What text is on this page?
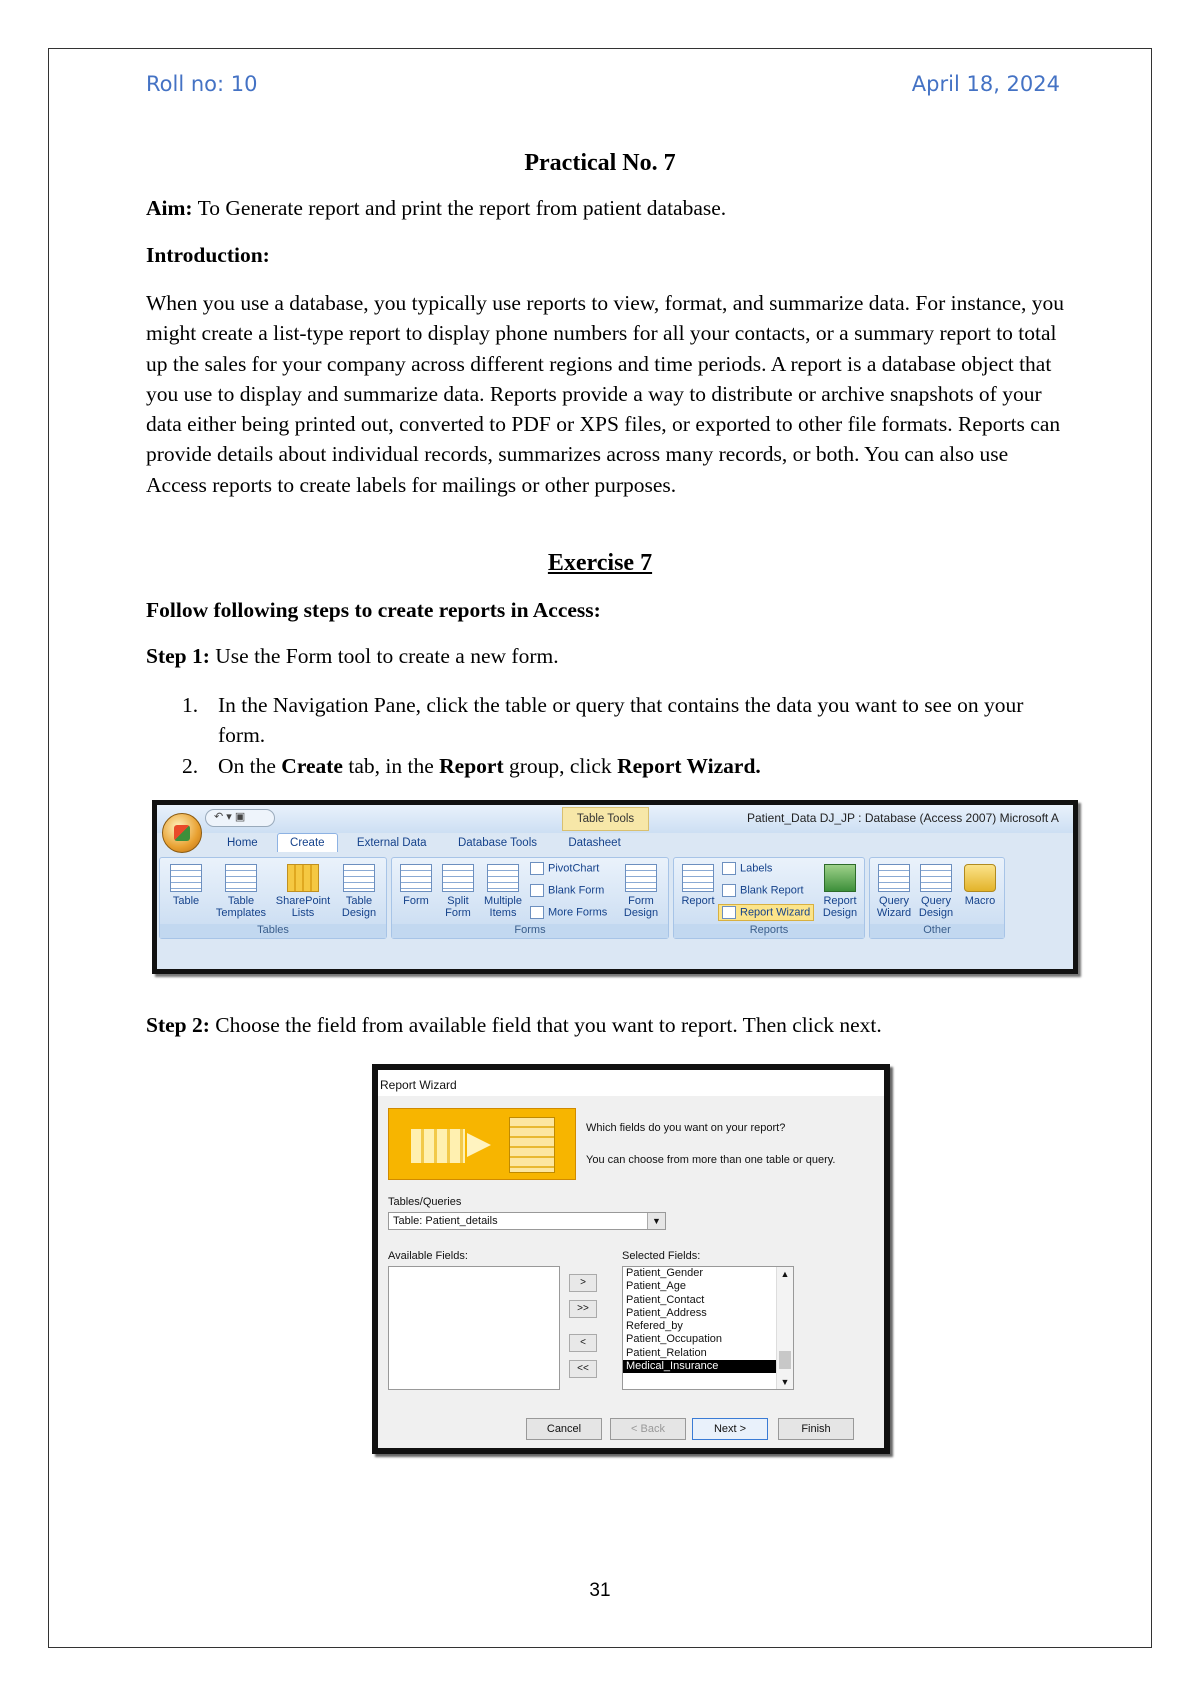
Roll no: 10	April 18, 2024
Practical No. 7
Aim: To Generate report and print the report from patient database.
Introduction:
When you use a database, you typically use reports to view, format, and summarize data. For instance, you might create a list-type report to display phone numbers for all your contacts, or a summary report to total up the sales for your company across different regions and time periods. A report is a database object that you use to display and summarize data. Reports provide a way to distribute or archive snapshots of your data either being printed out, converted to PDF or XPS files, or exported to other file formats. Reports can provide details about individual records, summarizes across many records, or both. You can also use Access reports to create labels for mailings or other purposes.
Exercise 7
Follow following steps to create reports in Access:
Step 1: Use the Form tool to create a new form.
1. In the Navigation Pane, click the table or query that contains the data you want to see on your form.
2. On the Create tab, in the Report group, click Report Wizard.
↶ ▾ ▣	Table Tools	Patient_Data DJ_JP : Database (Access 2007) Microsoft A
Home	Create	External Data	Database Tools	Datasheet
Table	Table Templates
SharePoint Lists
Table Design
Tables
Form	Split Form
Multiple Items
PivotChart
Blank Form
More Forms
Form Design
Forms
Report
Labels
Blank Report
Report Wizard
Report Design
Reports
Query Wizard
Query Design
Macro
Other
Step 2: Choose the field from available field that you want to report. Then click next.
Report Wizard
Which fields do you want on your report?
You can choose from more than one table or query.
Tables/Queries
Table: Patient_details	▼
Available Fields:	Selected Fields:
>
>>
<
<<
Patient_Gender
Patient_Age
Patient_Contact
Patient_Address
Refered_by
Patient_Occupation
Patient_Relation
Medical_Insurance
▲
▼
Cancel	< Back	Next >	Finish
31
